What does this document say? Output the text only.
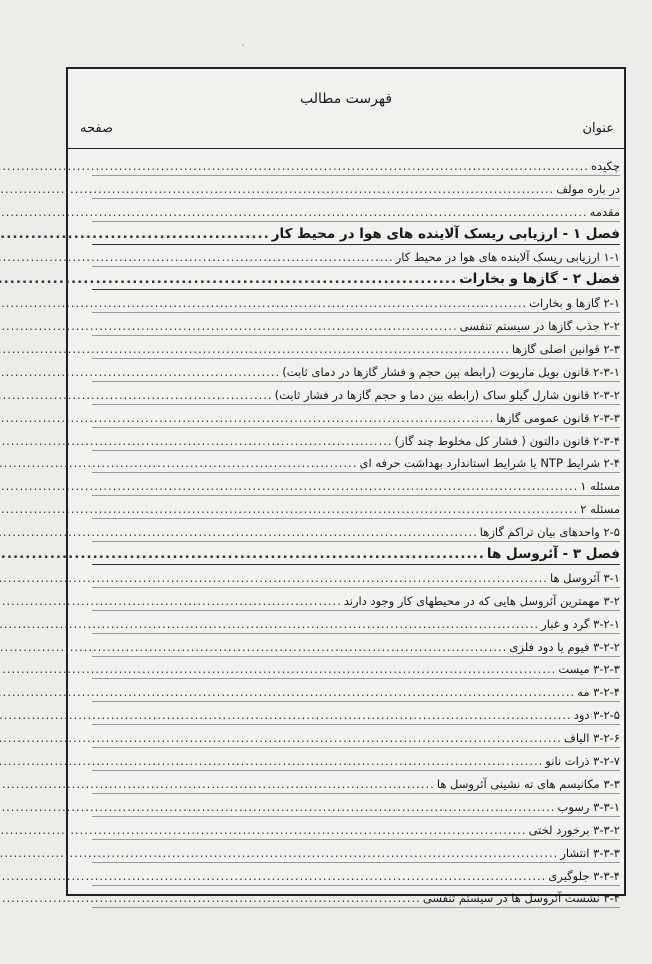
فهرست مطالب
عنوان
صفحه
چکیده
.....
در باره مولف
.....
مقدمه
.....
فصل ۱ - ارزیابی ریسک آلاینده های هوا در محیط کار
.....
۱-۱ ارزیابی ریسک آلاینده های هوا در محیط کار
.....
فصل ۲ - گازها و بخارات
.....
۲-۱ گازها و بخارات
.....
۲-۲ جذب گازها در سیستم تنفسی
.....
۲-۳ قوانین اصلی گازها
.....
۲-۳-۱ قانون بویل ماریوت (رابطه بین حجم و فشار گازها در دمای ثابت)
.....
۲-۳-۲ قانون شارل گیلو ساک (رابطه بین دما و حجم گازها در فشار ثابت)
.....
۲-۳-۳ قانون عمومی گازها
.....
۲-۳-۴ قانون دالتون ( فشار کل مخلوط چند گاز)
.....
۲-۴ شرایط NTP یا شرایط استاندارد بهداشت حرفه ای
.....
مسئله ۱
.....
مسئله ۲
.....
۲-۵ واحدهای بیان تراکم گازها
.....
فصل ۳ - آئروسل ها
.....
۳-۱ آئروسل ها
.....
۳-۲ مهمترین آئروسل هایی که در محیطهای کار وجود دارند
.....
۳-۲-۱ گرد و غبار
.....
۳-۲-۲ فیوم یا دود فلزی
.....
۳-۲-۳ میست
.....
۳-۲-۴ مه
.....
۳-۲-۵ دود
.....
۳-۲-۶ الیاف
.....
۳-۲-۷ ذرات نانو
.....
۳-۳ مکانیسم های ته نشینی آئروسل ها
.....
۳-۳-۱ رسوب
.....
۳-۳-۲ برخورد لختی
.....
۳-۳-۳ انتشار
.....
۳-۳-۴ جلوگیری
.....
۳-۴ نشست آئروسل ها در سیستم تنفسی
.....
